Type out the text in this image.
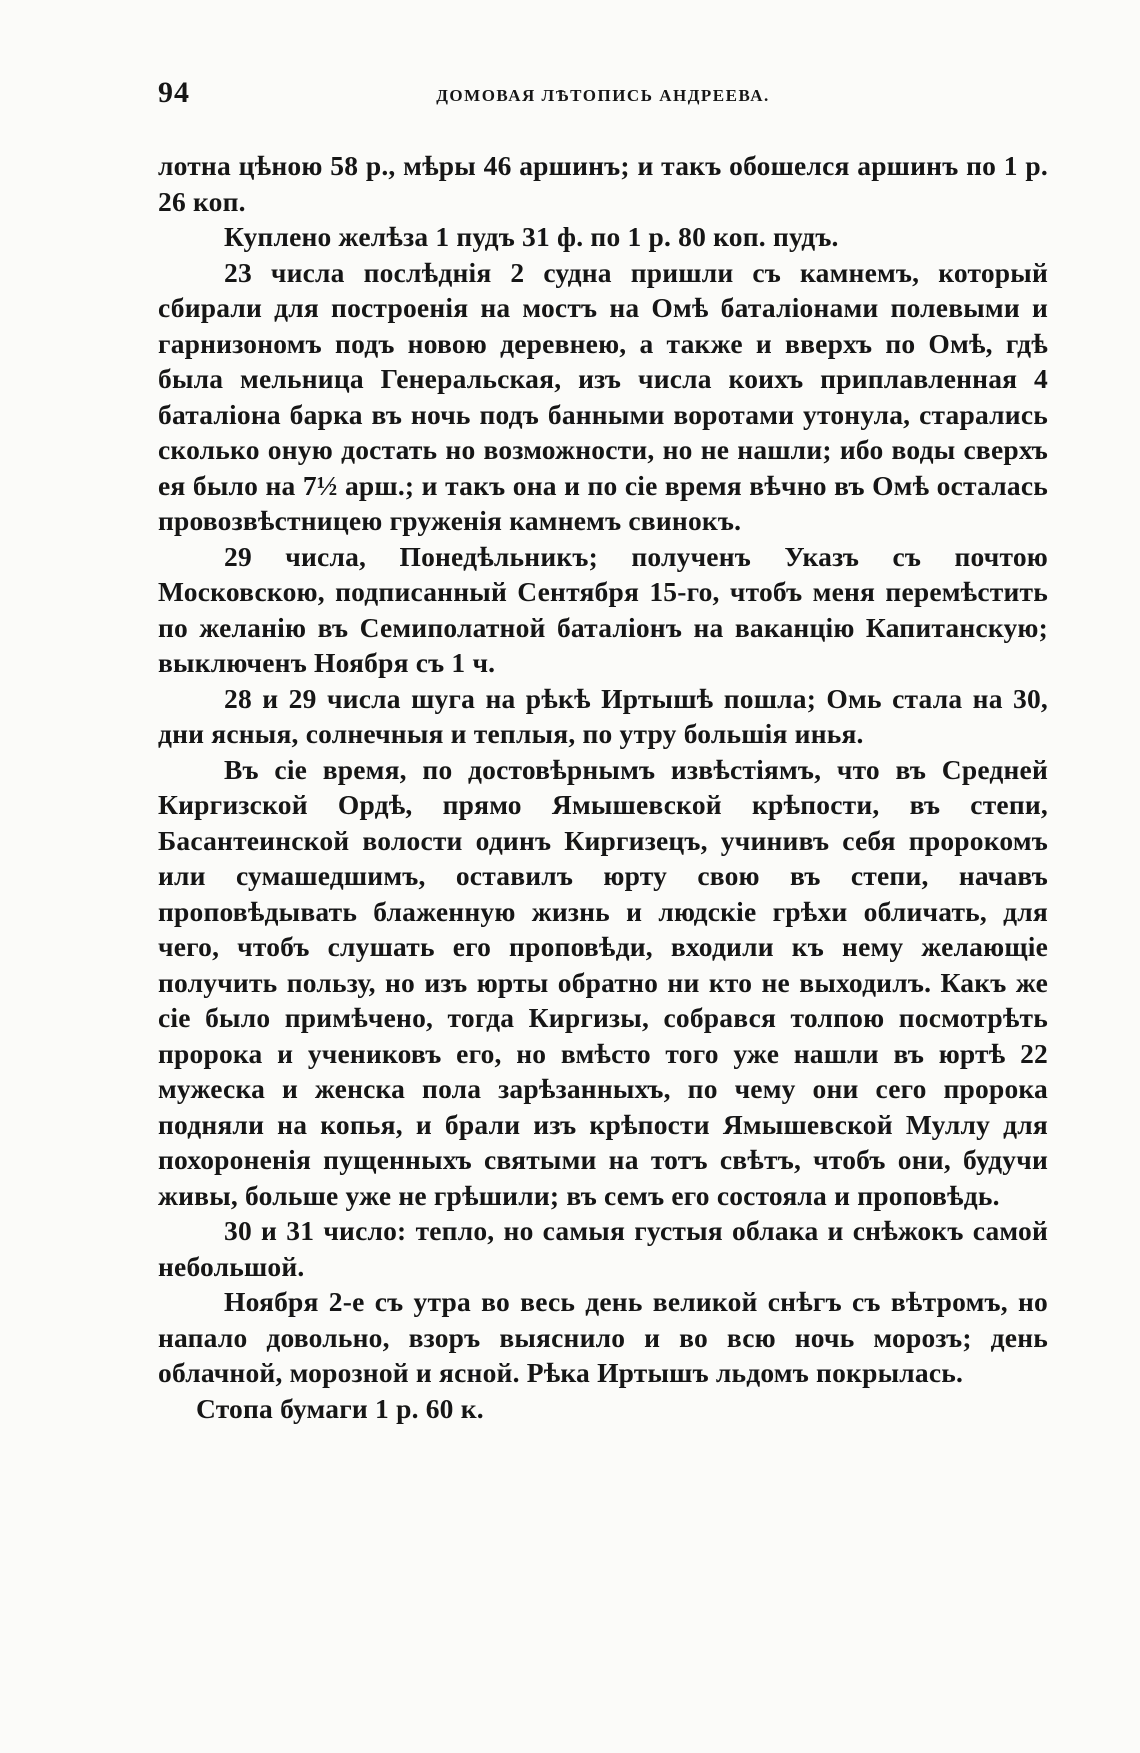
94	ДОМОВАЯ ЛѢТОПИСЬ АНДРЕЕВА.

лотна цѣною 58 р., мѣры 46 аршинъ; и такъ обошелся аршинъ по 1 р. 26 коп.

Куплено желѣза 1 пудъ 31 ф. по 1 р. 80 коп. пудъ.

23 числа послѣднія 2 судна пришли съ камнемъ, который сбирали для построенія на мостъ на Омѣ баталіонами полевыми и гарнизономъ подъ новою деревнею, а также и вверхъ по Омѣ, гдѣ была мельница Генеральская, изъ числа коихъ приплавленная 4 баталіона барка въ ночь подъ банными воротами утонула, старались сколько оную достать но возможности, но не нашли; ибо воды сверхъ ея было на 7½ арш.; и такъ она и по сіе время вѣчно въ Омѣ осталась провозвѣстницею груженія камнемъ свинокъ.

29 числа, Понедѣльникъ; полученъ Указъ съ почтою Московскою, подписанный Сентября 15-го, чтобъ меня перемѣстить по желанію въ Семиполатной баталіонъ на ваканцію Капитанскую; выключенъ Ноября съ 1 ч.

28 и 29 числа шуга на рѣкѣ Иртышѣ пошла; Омь стала на 30, дни ясныя, солнечныя и теплыя, по утру большія инья.

Въ сіе время, по достовѣрнымъ извѣстіямъ, что въ Средней Киргизской Ордѣ, прямо Ямышевской крѣпости, въ степи, Басантеинской волости одинъ Киргизецъ, учинивъ себя пророкомъ или сумашедшимъ, оставилъ юрту свою въ степи, начавъ проповѣдывать блаженную жизнь и людскіе грѣхи обличать, для чего, чтобъ слушать его проповѣди, входили къ нему желающіе получить пользу, но изъ юрты обратно ни кто не выходилъ. Какъ же сіе было примѣчено, тогда Киргизы, собрався толпою посмотрѣть пророка и учениковъ его, но вмѣсто того уже нашли въ юртѣ 22 мужеска и женска пола зарѣзанныхъ, по чему они сего пророка подняли на копья, и брали изъ крѣпости Ямышевской Муллу для похороненія пущенныхъ святыми на тотъ свѣтъ, чтобъ они, будучи живы, больше уже не грѣшили; въ семъ его состояла и проповѣдь.

30 и 31 число: тепло, но самыя густыя облака и снѣжокъ самой небольшой.

Ноября 2-е съ утра во весь день великой снѣгъ съ вѣтромъ, но напало довольно, взоръ выяснило и во всю ночь морозъ; день облачной, морозной и ясной. Рѣка Иртышъ льдомъ покрылась.

Стопа бумаги 1 р. 60 к.
